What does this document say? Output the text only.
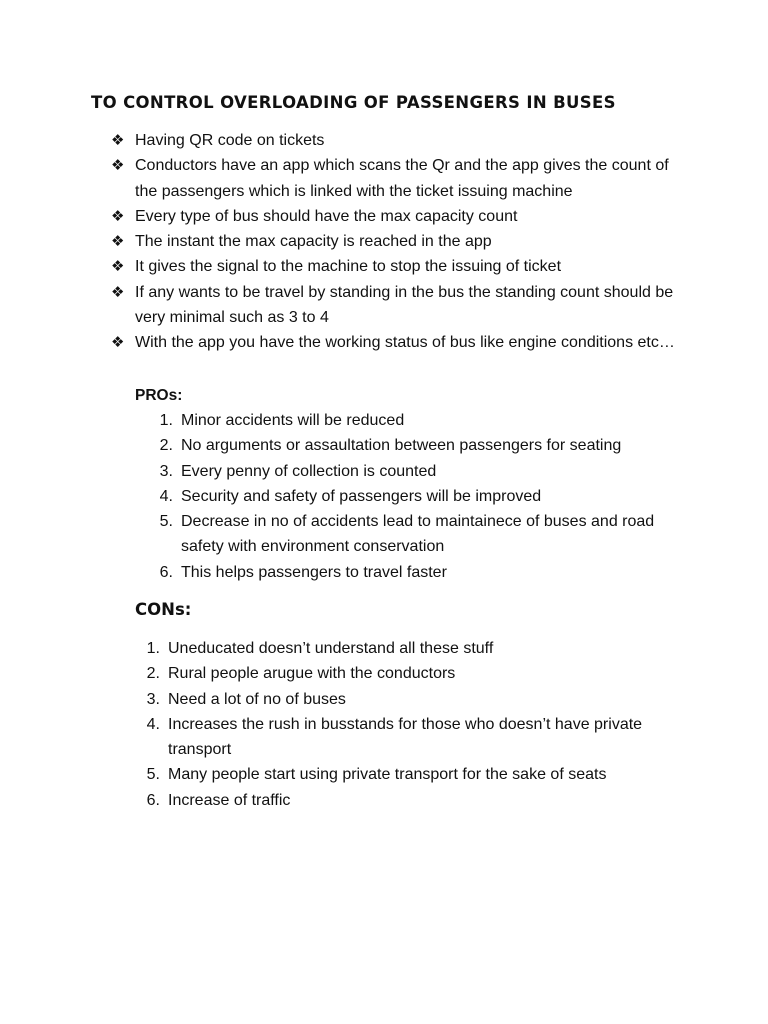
TO CONTROL OVERLOADING OF PASSENGERS IN BUSES
❖ Having QR code on tickets
❖ Conductors have an app which scans the Qr and the app gives the count of the passengers which is linked with the ticket issuing machine
❖ Every type of bus should have the max capacity count
❖ The instant the max capacity is reached in the app
❖ It gives the signal to the machine to stop the issuing of ticket
❖ If any wants to be travel by standing in the bus the standing count should be very minimal such as 3 to 4
❖ With the app you have the working status of bus like engine conditions etc…
PROs:
1. Minor accidents will be reduced
2. No arguments or assaultation between passengers for seating
3. Every penny of collection is counted
4. Security and safety of passengers will be improved
5. Decrease in no of accidents lead to maintainece of buses and road safety with environment conservation
6. This helps passengers to travel faster
CONs:
1. Uneducated doesn’t understand all these stuff
2. Rural people arugue with the conductors
3. Need a lot of no of buses
4. Increases the rush in busstands for those who doesn’t have private transport
5. Many people start using private transport for the sake of seats
6. Increase of traffic
